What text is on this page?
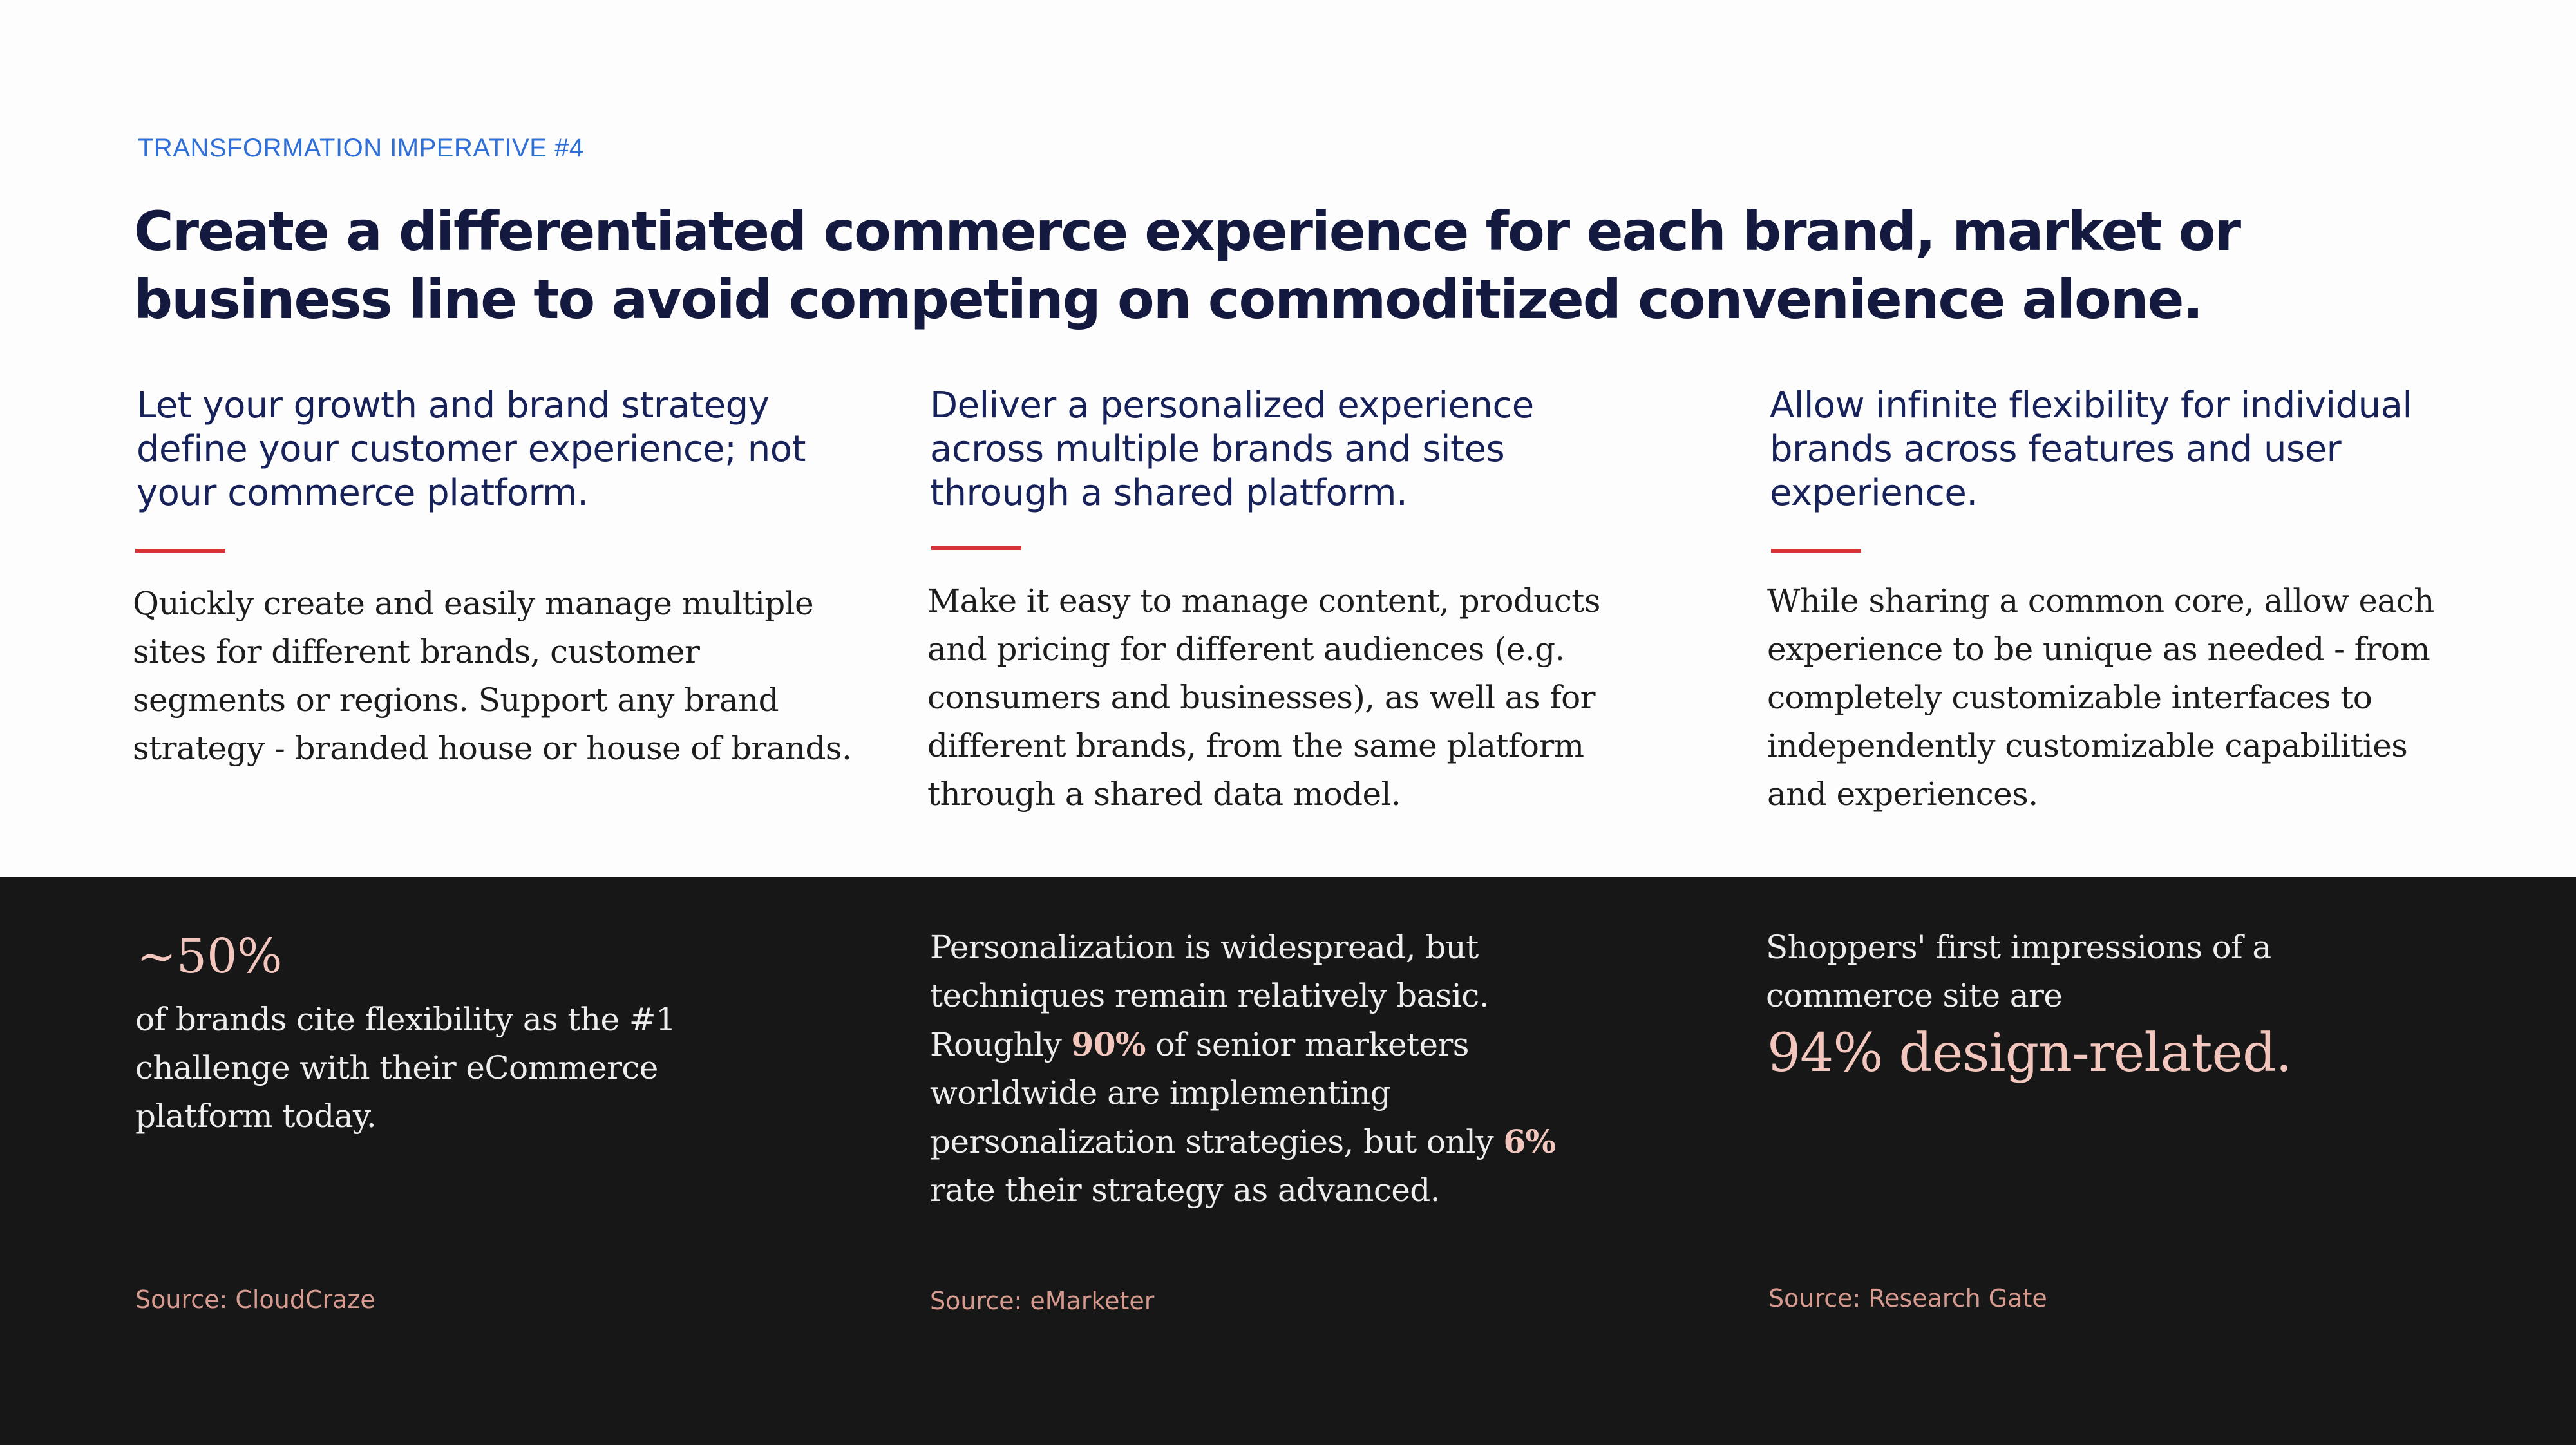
TRANSFORMATION IMPERATIVE #4
Create a differentiated commerce experience for each brand, market or business line to avoid competing on commoditized convenience alone.

Let your growth and brand strategy define your customer experience; not your commerce platform.

Deliver a personalized experience across multiple brands and sites through a shared platform.

Allow infinite flexibility for individual brands across features and user experience.

Quickly create and easily manage multiple sites for different brands, customer segments or regions. Support any brand strategy - branded house or house of brands.

Make it easy to manage content, products and pricing for different audiences (e.g. consumers and businesses), as well as for different brands, from the same platform through a shared data model.

While sharing a common core, allow each experience to be unique as needed - from completely customizable interfaces to independently customizable capabilities and experiences.

~50%
of brands cite flexibility as the #1 challenge with their eCommerce platform today.
Personalization is widespread, but techniques remain relatively basic. Roughly 90% of senior marketers worldwide are implementing personalization strategies, but only 6% rate their strategy as advanced.
Shoppers' first impressions of a commerce site are
94% design-related.
Source: CloudCraze	Source: eMarketer	Source: Research Gate
